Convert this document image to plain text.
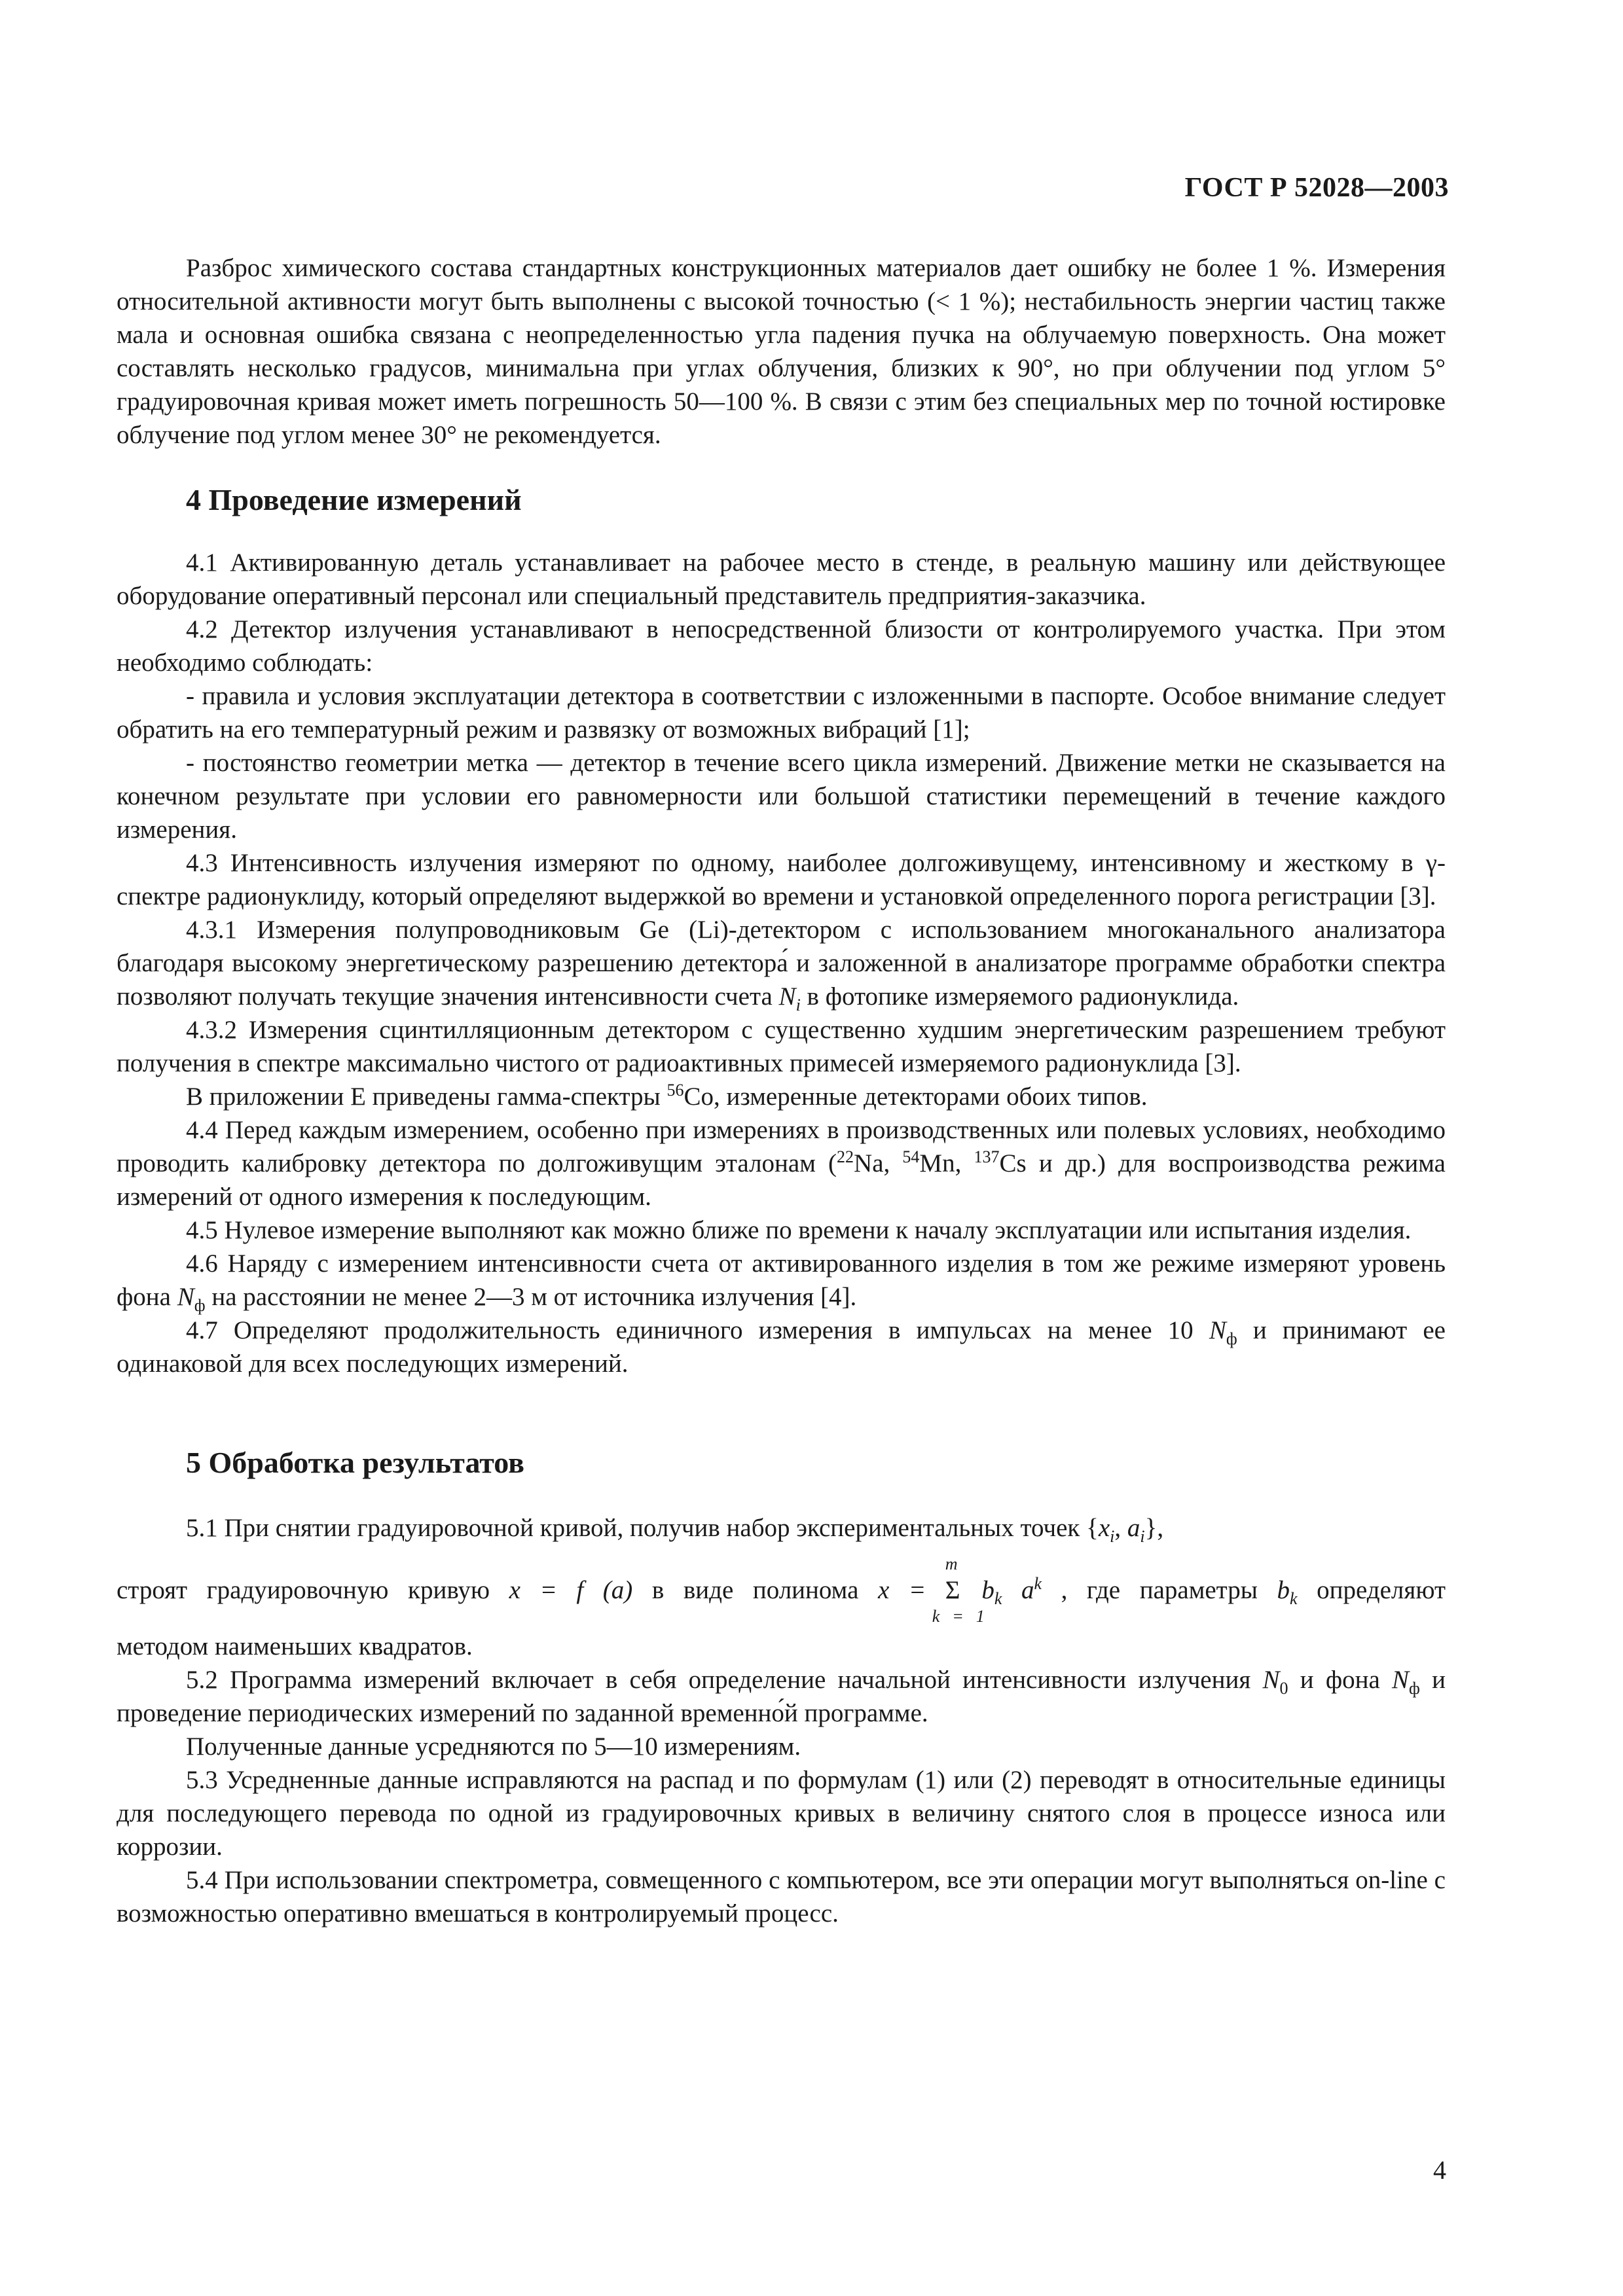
ГОСТ Р 52028—2003

Разброс химического состава стандартных конструкционных материалов дает ошибку не более 1 %. Измерения относительной активности могут быть выполнены с высокой точностью (< 1 %); нестабильность энергии частиц также мала и основная ошибка связана с неопределенностью угла падения пучка на облучаемую поверхность. Она может составлять несколько градусов, минимальна при углах облучения, близких к 90°, но при облучении под углом 5° градуировочная кривая может иметь погрешность 50—100 %. В связи с этим без специальных мер по точной юстировке облучение под углом менее 30° не рекомендуется.

4 Проведение измерений

4.1 Активированную деталь устанавливает на рабочее место в стенде, в реальную машину или действующее оборудование оперативный персонал или специальный представитель предприятия-заказчика.

4.2 Детектор излучения устанавливают в непосредственной близости от контролируемого участка. При этом необходимо соблюдать:

- правила и условия эксплуатации детектора в соответствии с изложенными в паспорте. Особое внимание следует обратить на его температурный режим и развязку от возможных вибраций [1];

- постоянство геометрии метка — детектор в течение всего цикла измерений. Движение метки не сказывается на конечном результате при условии его равномерности или большой статистики перемещений в течение каждого измерения.

4.3 Интенсивность излучения измеряют по одному, наиболее долгоживущему, интенсивному и жесткому в γ-спектре радионуклиду, который определяют выдержкой во времени и установкой определенного порога регистрации [3].

4.3.1 Измерения полупроводниковым Ge (Li)-детектором с использованием многоканального анализатора благодаря высокому энергетическому разрешению детектора́ и заложенной в анализаторе программе обработки спектра позволяют получать текущие значения интенсивности счета $N_i$ в фотопике измеряемого радионуклида.

4.3.2 Измерения сцинтилляционным детектором с существенно худшим энергетическим разрешением требуют получения в спектре максимально чистого от радиоактивных примесей измеряемого радионуклида [3].

В приложении Е приведены гамма-спектры $^{56}$Co, измеренные детекторами обоих типов.

4.4 Перед каждым измерением, особенно при измерениях в производственных или полевых условиях, необходимо проводить калибровку детектора по долгоживущим эталонам ($^{22}$Na, $^{54}$Mn, $^{137}$Cs и др.) для воспроизводства режима измерений от одного измерения к последующим.

4.5 Нулевое измерение выполняют как можно ближе по времени к началу эксплуатации или испытания изделия.

4.6 Наряду с измерением интенсивности счета от активированного изделия в том же режиме измеряют уровень фона $N_ф$ на расстоянии не менее 2—3 м от источника излучения [4].

4.7 Определяют продолжительность единичного измерения в импульсах на менее 10 $N_ф$ и принимают ее одинаковой для всех последующих измерений.

5 Обработка результатов

5.1 При снятии градуировочной кривой, получив набор экспериментальных точек {$x_i$, $a_i$},

строят градуировочную кривую x = f (a) в виде полинома x =
m
Σ
k = 1
$b_k$ $a^k$ , где параметры $b_k$ определяют

методом наименьших квадратов.

5.2 Программа измерений включает в себя определение начальной интенсивности излучения $N_0$ и фона $N_ф$ и проведение периодических измерений по заданной временно́й программе.

Полученные данные усредняются по 5—10 измерениям.

5.3 Усредненные данные исправляются на распад и по формулам (1) или (2) переводят в относительные единицы для последующего перевода по одной из градуировочных кривых в величину снятого слоя в процессе износа или коррозии.

5.4 При использовании спектрометра, совмещенного с компьютером, все эти операции могут выполняться on-line с возможностью оперативно вмешаться в контролируемый процесс.

4
